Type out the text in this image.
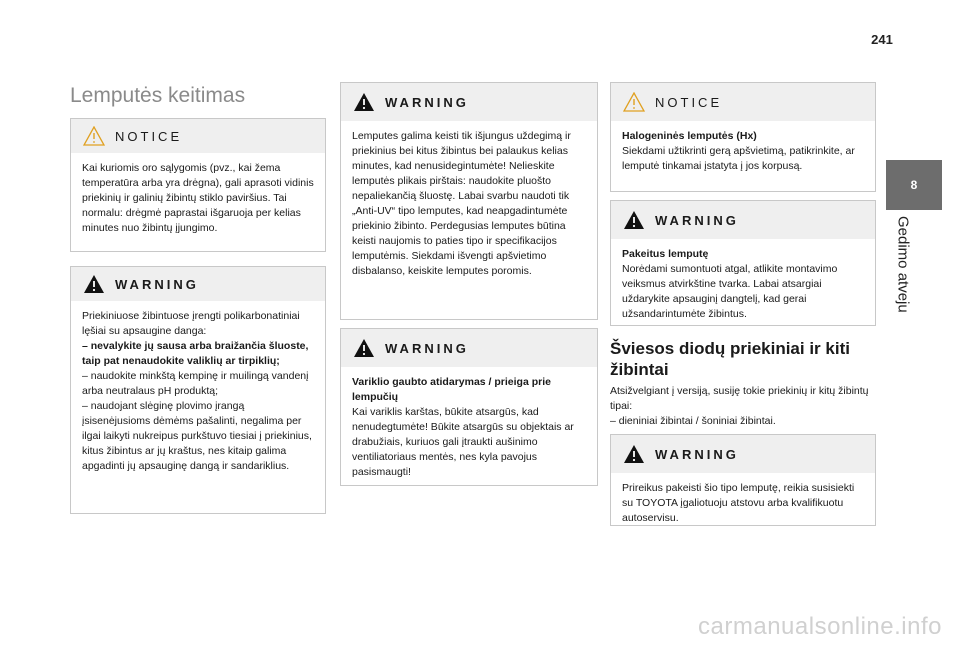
241
8
Gedimo atveju
Lemputės keitimas
NOTICE

Kai kuriomis oro sąlygomis (pvz., kai žema temperatūra arba yra drėgna), gali aprasoti vidinis priekinių ir galinių žibintų stiklo paviršius. Tai normalu: drėgmė paprastai išgaruoja per kelias minutes nuo žibintų įjungimo.

WARNING

Priekiniuose žibintuose įrengti polikarbonatiniai lęšiai su apsaugine danga:

– nevalykite jų sausa arba braižančia šluoste, taip pat nenaudokite valiklių ar tirpiklių;

– naudokite minkštą kempinę ir muilingą vandenį arba neutralaus pH produktą;

– naudojant slėginę plovimo įrangą įsisenėjusioms dėmėms pašalinti, negalima per ilgai laikyti nukreipus purkštuvo tiesiai į priekinius, kitus žibintus ar jų kraštus, nes kitaip galima apgadinti jų apsauginę dangą ir sandariklius.

WARNING

Lemputes galima keisti tik išjungus uždegimą ir priekinius bei kitus žibintus bei palaukus kelias minutes, kad nenusidegintumėte! Nelieskite lemputės plikais pirštais: naudokite pluošto nepaliekančią šluostę. Labai svarbu naudoti tik „Anti-UV“ tipo lemputes, kad neapgadintumėte priekinio žibinto. Perdegusias lemputes būtina keisti naujomis to paties tipo ir specifikacijos lemputėmis. Siekdami išvengti apšvietimo disbalanso, keiskite lemputes poromis.

WARNING

Variklio gaubto atidarymas / prieiga prie lempučių

Kai variklis karštas, būkite atsargūs, kad nenudegtumėte! Būkite atsargūs su objektais ar drabužiais, kuriuos gali įtraukti aušinimo ventiliatoriaus mentės, nes kyla pavojus pasismaugti!

NOTICE

Halogeninės lemputės (Hx)

Siekdami užtikrinti gerą apšvietimą, patikrinkite, ar lemputė tinkamai įstatyta į jos korpusą.

WARNING

Pakeitus lemputę

Norėdami sumontuoti atgal, atlikite montavimo veiksmus atvirkštine tvarka. Labai atsargiai uždarykite apsauginį dangtelį, kad gerai užsandarintumėte žibintus.

Šviesos diodų priekiniai ir kiti žibintai

Atsižvelgiant į versiją, susiję tokie priekinių ir kitų žibintų tipai:

– dieniniai žibintai / šoniniai žibintai.

WARNING

Prireikus pakeisti šio tipo lemputę, reikia susisiekti su TOYOTA įgaliotuoju atstovu arba kvalifikuotu autoservisu.

carmanualsonline.info
